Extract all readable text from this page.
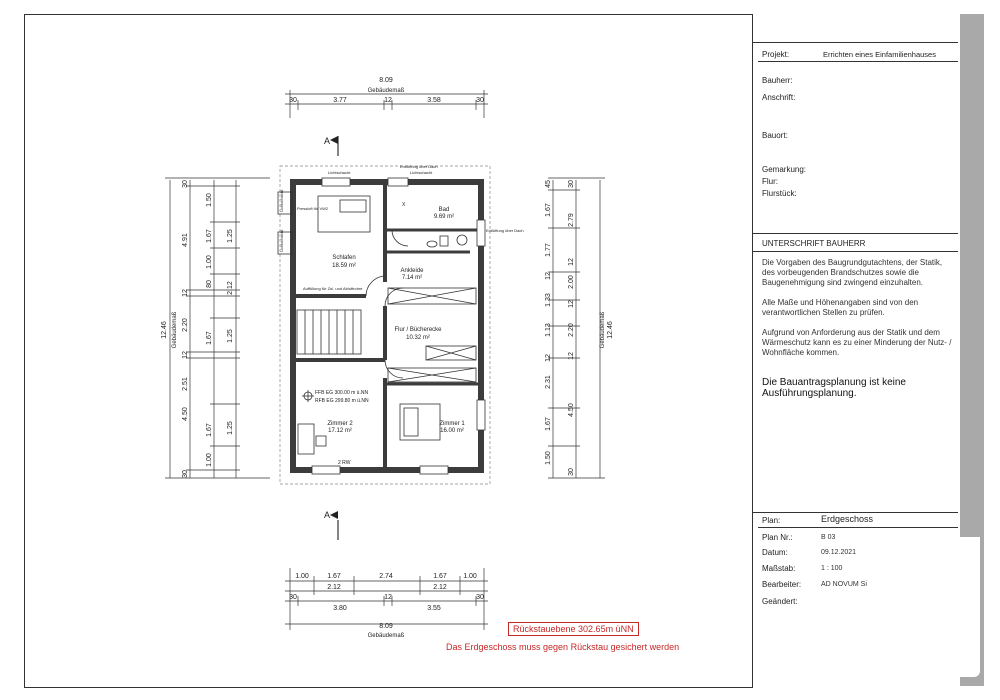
8.09
Gebäudemaß
30	3.77	12	3.58	30
1.00	1.67	2.74	1.67 1.00
2.12	2.12
30
3.80
12
3.55
30
8.09
Gebäudemaß
12.46 Gebäudemaß
30
4.91
12
2.20
12
2.51
4.50
30
1.50
1.67
1.00
80
1.67
1.25
1.67
1.00
1.25
1.25
2.12
12.46
Gebäudemaß
45
1.67
1.77
12
1.33
1.13
12
2.31
1.67
1.50
30
2.79
12
2.00
12
2.20
12
4.50
30
A
A
Schlafen
18.59 m²
Bad
9.69 m²
Ankleide
7.14 m²
Flur / Bücherecke
10.32 m²
Zimmer 2
17.12 m²
Zimmer 1
16.00 m²
Lichtschacht	Lichtschacht
Lichtschacht
Lichtschacht
Entlüftung über Dach
Entlüftung über Dach
Pressluft für VW2
Auffüllung für Zul. und Abluftrohre
FFB EG 300.00 m ü.NN
RFB EG 299.80 m ü.NN
2 RW
X
Rückstauebene 302.65m üNN
Das Erdgeschoss muss gegen Rückstau gesichert werden
Projekt:	Errichten eines Einfamilienhauses
Bauherr:
Anschrift:
Bauort:
Gemarkung:
Flur:
Flurstück:
UNTERSCHRIFT BAUHERR
Die Vorgaben des Baugrundgutachtens, der Statik, des vorbeugenden Brandschutzes sowie die Baugenehmigung sind zwingend einzuhalten.
Alle Maße und Höhenangaben sind von den verantwortlichen Stellen zu prüfen.
Aufgrund von Anforderung aus der Statik und dem Wärmeschutz kann es zu einer Minderung der Nutz- / Wohnfläche kommen.
Die Bauantragsplanung ist keine Ausführungsplanung.
Plan:	Erdgeschoss
Plan Nr.:	B 03
Datum:	09.12.2021
Maßstab:	1 : 100
Bearbeiter:	AD NOVUM Si
Geändert:
